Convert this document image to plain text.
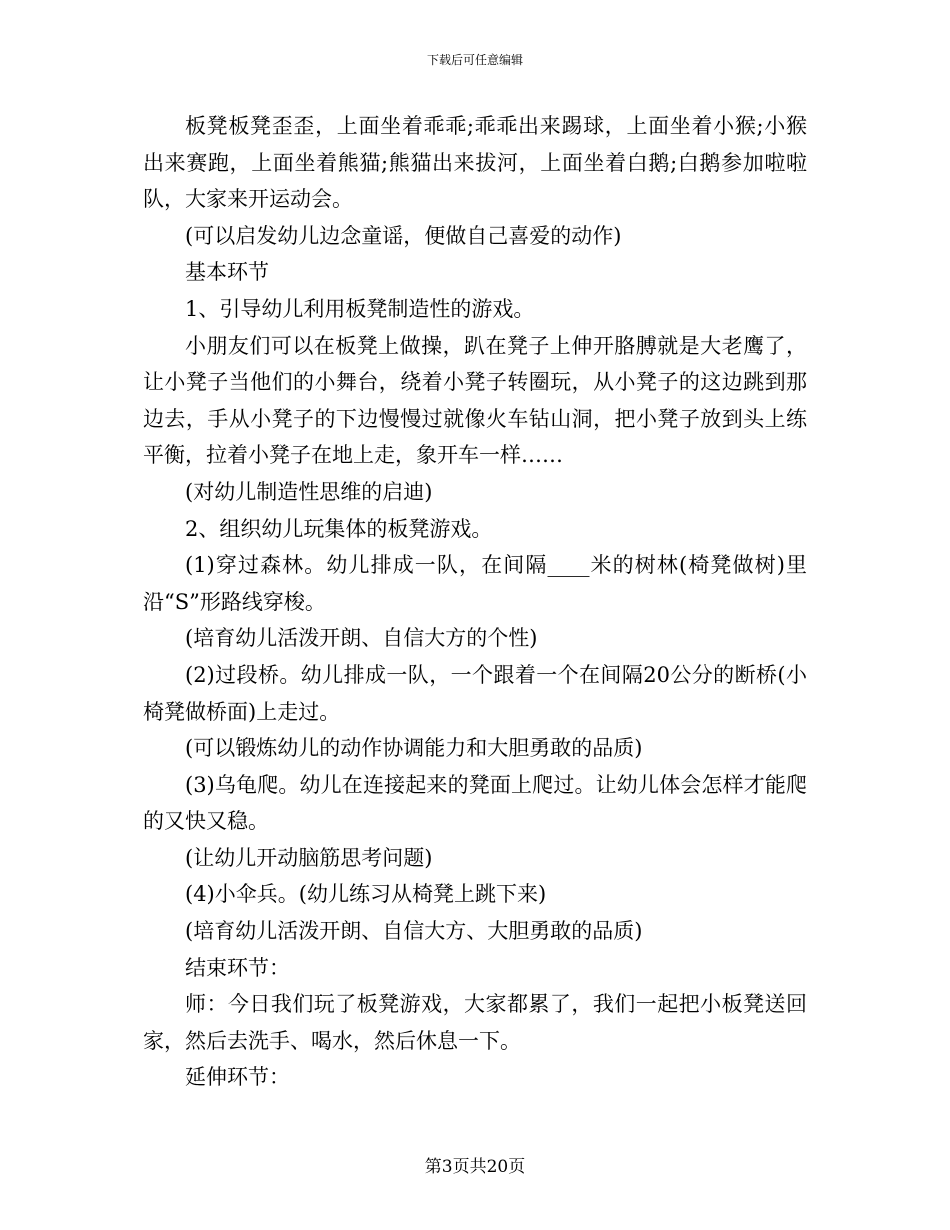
下载后可任意编辑

板凳板凳歪歪，上面坐着乖乖;乖乖出来踢球，上面坐着小猴;小猴出来赛跑，上面坐着熊猫;熊猫出来拔河，上面坐着白鹅;白鹅参加啦啦队，大家来开运动会。

(可以启发幼儿边念童谣，便做自己喜爱的动作)

基本环节

1、引导幼儿利用板凳制造性的游戏。

小朋友们可以在板凳上做操，趴在凳子上伸开胳膊就是大老鹰了，让小凳子当他们的小舞台，绕着小凳子转圈玩，从小凳子的这边跳到那边去，手从小凳子的下边慢慢过就像火车钻山洞，把小凳子放到头上练平衡，拉着小凳子在地上走，象开车一样……

(对幼儿制造性思维的启迪)

2、组织幼儿玩集体的板凳游戏。

(1)穿过森林。幼儿排成一队，在间隔____米的树林(椅凳做树)里沿“S”形路线穿梭。

(培育幼儿活泼开朗、自信大方的个性)

(2)过段桥。幼儿排成一队，一个跟着一个在间隔20公分的断桥(小椅凳做桥面)上走过。

(可以锻炼幼儿的动作协调能力和大胆勇敢的品质)

(3)乌龟爬。幼儿在连接起来的凳面上爬过。让幼儿体会怎样才能爬的又快又稳。

(让幼儿开动脑筋思考问题)

(4)小伞兵。(幼儿练习从椅凳上跳下来)

(培育幼儿活泼开朗、自信大方、大胆勇敢的品质)

结束环节：

师：今日我们玩了板凳游戏，大家都累了，我们一起把小板凳送回家，然后去洗手、喝水，然后休息一下。

延伸环节：

第3页共20页
